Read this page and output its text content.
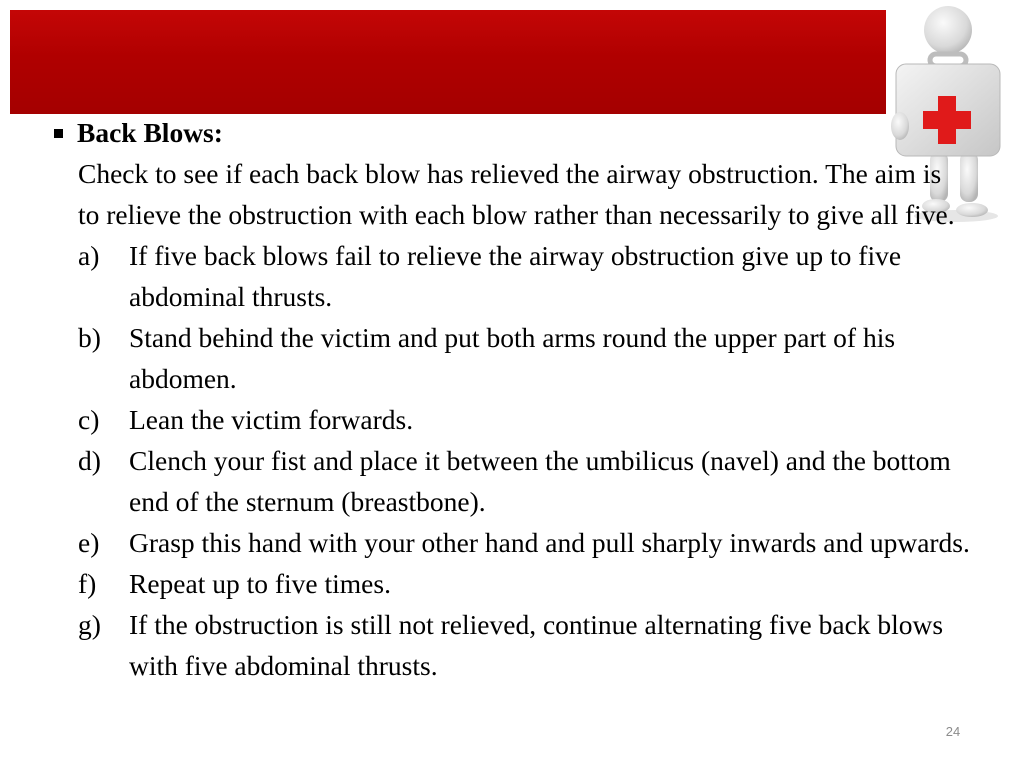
Back Blows:
Check to see if each back blow has relieved the airway obstruction. The aim is to relieve the obstruction with each blow rather than necessarily to give all five.
a)	If five back blows fail to relieve the airway obstruction give up to five abdominal thrusts.
b)	Stand behind the victim and put both arms round the upper part of his abdomen.
c)	Lean the victim forwards.
d)	Clench your fist and place it between the umbilicus (navel) and the bottom end of the sternum (breastbone).
e)	Grasp this hand with your other hand and pull sharply inwards and upwards.
f)	Repeat up to five times.
g)	If the obstruction is still not relieved, continue alternating five back blows with five abdominal thrusts.
24
